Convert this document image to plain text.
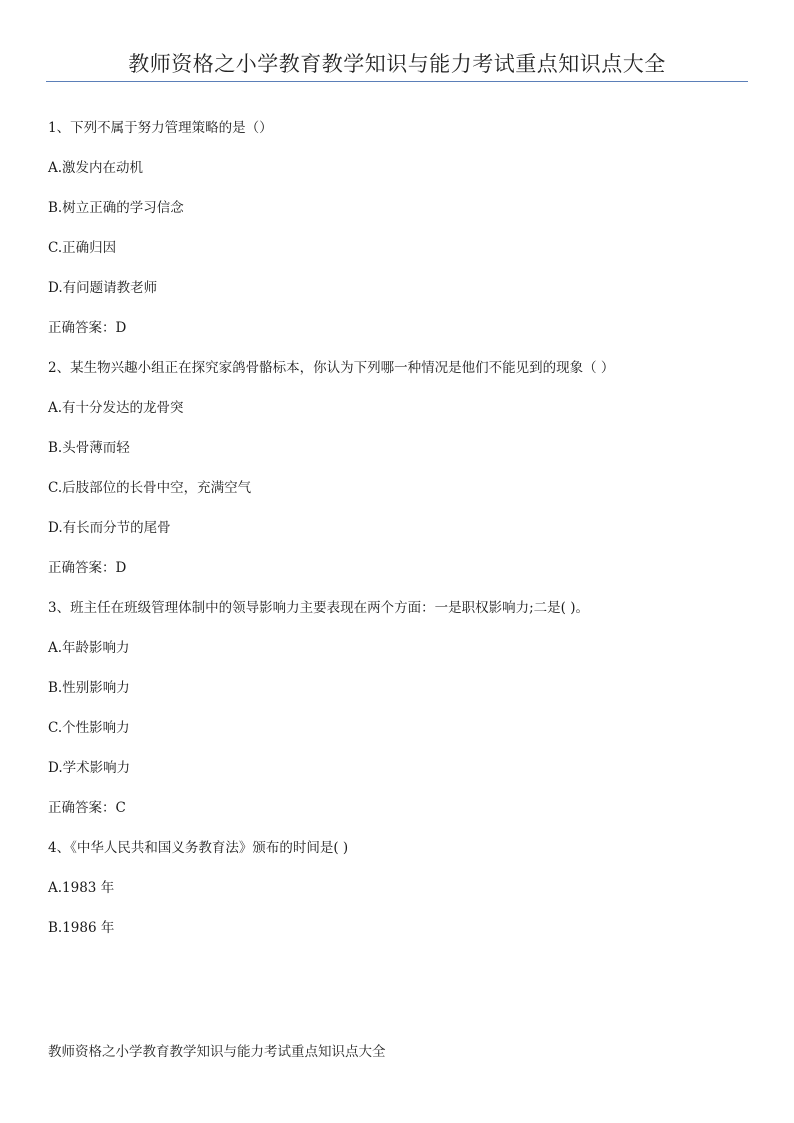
教师资格之小学教育教学知识与能力考试重点知识点大全
1、下列不属于努力管理策略的是（）
A.激发内在动机
B.树立正确的学习信念
C.正确归因
D.有问题请教老师
正确答案：D
2、某生物兴趣小组正在探究家鸽骨骼标本，你认为下列哪一种情况是他们不能见到的现象（ ）
A.有十分发达的龙骨突
B.头骨薄而轻
C.后肢部位的长骨中空，充满空气
D.有长而分节的尾骨
正确答案：D
3、班主任在班级管理体制中的领导影响力主要表现在两个方面：一是职权影响力;二是( )。
A.年龄影响力
B.性别影响力
C.个性影响力
D.学术影响力
正确答案：C
4、《中华人民共和国义务教育法》颁布的时间是( )
A.1983 年
B.1986 年
教师资格之小学教育教学知识与能力考试重点知识点大全
